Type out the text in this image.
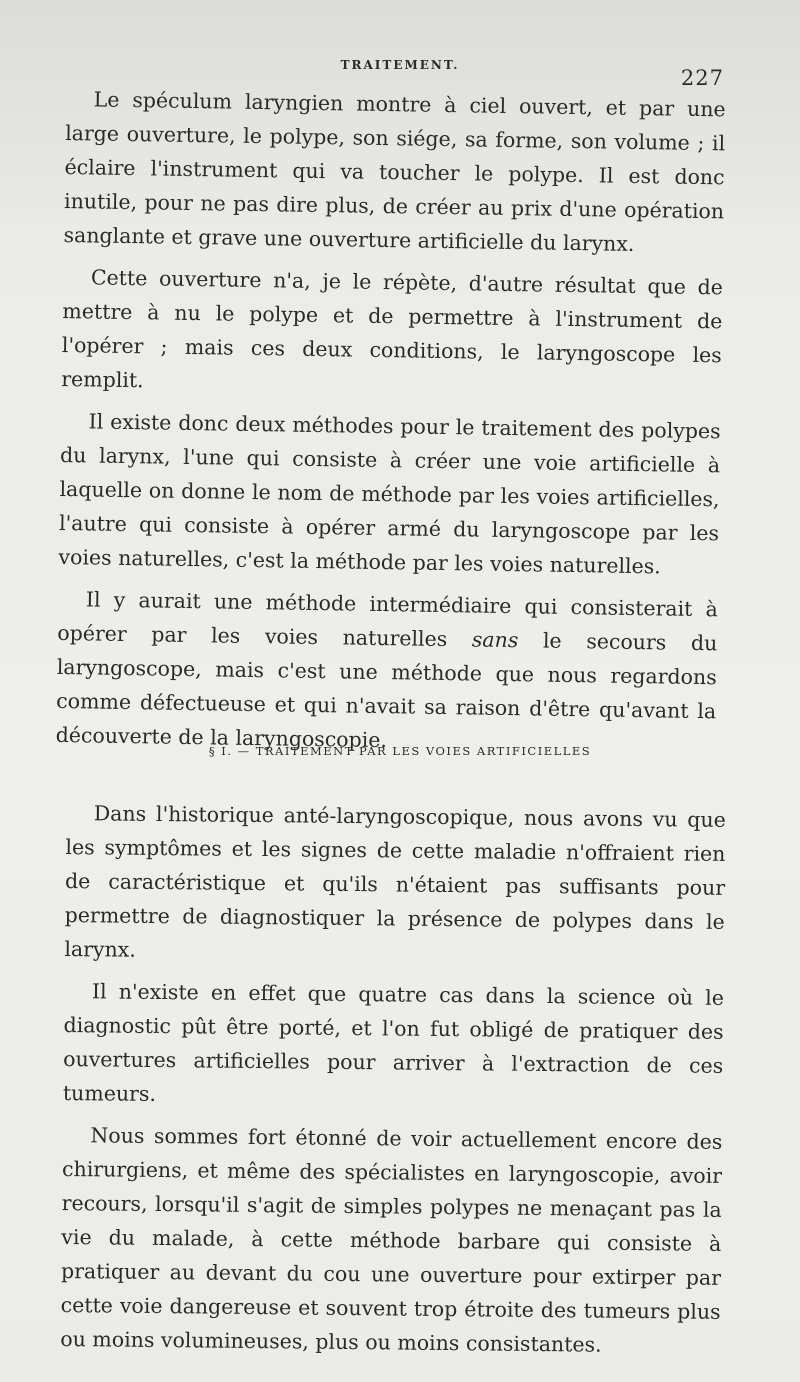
TRAITEMENT.
227

Le spéculum laryngien montre à ciel ouvert, et par une large ouverture, le polype, son siége, sa forme, son volume ; il éclaire l'instrument qui va toucher le polype. Il est donc inutile, pour ne pas dire plus, de créer au prix d'une opération sanglante et grave une ouverture artificielle du larynx.

Cette ouverture n'a, je le répète, d'autre résultat que de mettre à nu le polype et de permettre à l'instrument de l'opérer ; mais ces deux conditions, le laryngoscope les remplit.

Il existe donc deux méthodes pour le traitement des polypes du larynx, l'une qui consiste à créer une voie artificielle à laquelle on donne le nom de méthode par les voies artificielles, l'autre qui consiste à opérer armé du laryngoscope par les voies naturelles, c'est la méthode par les voies naturelles.

Il y aurait une méthode intermédiaire qui consisterait à opérer par les voies naturelles sans le secours du laryngoscope, mais c'est une méthode que nous regardons comme défectueuse et qui n'avait sa raison d'être qu'avant la découverte de la laryngoscopie.

§ I. — TRAITEMENT PAR LES VOIES ARTIFICIELLES

Dans l'historique anté-laryngoscopique, nous avons vu que les symptômes et les signes de cette maladie n'offraient rien de caractéristique et qu'ils n'étaient pas suffisants pour permettre de diagnostiquer la présence de polypes dans le larynx.

Il n'existe en effet que quatre cas dans la science où le diagnostic pût être porté, et l'on fut obligé de pratiquer des ouvertures artificielles pour arriver à l'extraction de ces tumeurs.

Nous sommes fort étonné de voir actuellement encore des chirurgiens, et même des spécialistes en laryngoscopie, avoir recours, lorsqu'il s'agit de simples polypes ne menaçant pas la vie du malade, à cette méthode barbare qui consiste à pratiquer au devant du cou une ouverture pour extirper par cette voie dangereuse et souvent trop étroite des tumeurs plus ou moins volumineuses, plus ou moins consistantes.
